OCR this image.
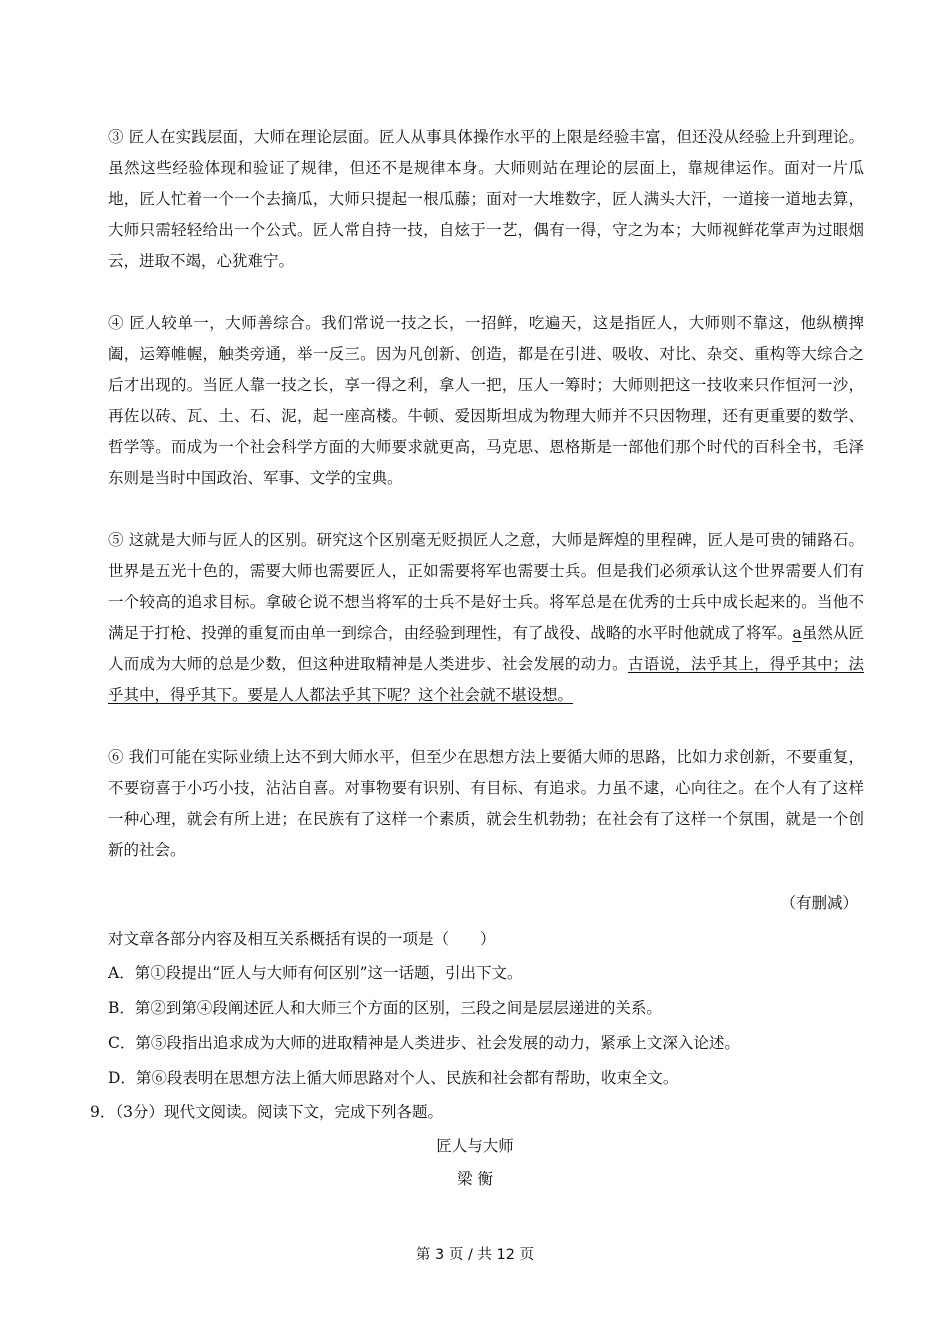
③ 匠人在实践层面，大师在理论层面。匠人从事具体操作水平的上限是经验丰富，但还没从经验上升到理论。虽然这些经验体现和验证了规律，但还不是规律本身。大师则站在理论的层面上，靠规律运作。面对一片瓜地，匠人忙着一个一个去摘瓜，大师只提起一根瓜藤；面对一大堆数字，匠人满头大汗，一道接一道地去算，大师只需轻轻给出一个公式。匠人常自持一技，自炫于一艺，偶有一得，守之为本；大师视鲜花掌声为过眼烟云，进取不竭，心犹难宁。

④ 匠人较单一，大师善综合。我们常说一技之长，一招鲜，吃遍天，这是指匠人，大师则不靠这，他纵横捭阖，运筹帷幄，触类旁通，举一反三。因为凡创新、创造，都是在引进、吸收、对比、杂交、重构等大综合之后才出现的。当匠人靠一技之长，享一得之利，拿人一把，压人一筹时；大师则把这一技收来只作恒河一沙，再佐以砖、瓦、土、石、泥，起一座高楼。牛顿、爱因斯坦成为物理大师并不只因物理，还有更重要的数学、哲学等。而成为一个社会科学方面的大师要求就更高，马克思、恩格斯是一部他们那个时代的百科全书，毛泽东则是当时中国政治、军事、文学的宝典。

⑤ 这就是大师与匠人的区别。研究这个区别毫无贬损匠人之意，大师是辉煌的里程碑，匠人是可贵的铺路石。世界是五光十色的，需要大师也需要匠人，正如需要将军也需要士兵。但是我们必须承认这个世界需要人们有一个较高的追求目标。拿破仑说不想当将军的士兵不是好士兵。将军总是在优秀的士兵中成长起来的。当他不满足于打枪、投弹的重复而由单一到综合，由经验到理性，有了战役、战略的水平时他就成了将军。a虽然从匠人而成为大师的总是少数，但这种进取精神是人类进步、社会发展的动力。古语说，法乎其上，得乎其中；法乎其中，得乎其下。要是人人都法乎其下呢？这个社会就不堪设想。

⑥ 我们可能在实际业绩上达不到大师水平，但至少在思想方法上要循大师的思路，比如力求创新，不要重复，不要窃喜于小巧小技，沾沾自喜。对事物要有识别、有目标、有追求。力虽不逮，心向往之。在个人有了这样一种心理，就会有所上进；在民族有了这样一个素质，就会生机勃勃；在社会有了这样一个氛围，就是一个创新的社会。

（有删减）

对文章各部分内容及相互关系概括有误的一项是（　　）

A．第①段提出“匠人与大师有何区别”这一话题，引出下文。

B．第②到第④段阐述匠人和大师三个方面的区别，三段之间是层层递进的关系。

C．第⑤段指出追求成为大师的进取精神是人类进步、社会发展的动力，紧承上文深入论述。

D．第⑥段表明在思想方法上循大师思路对个人、民族和社会都有帮助，收束全文。

9．（3分）现代文阅读。阅读下文，完成下列各题。

匠人与大师
梁 衡
第 3 页 / 共 12 页
